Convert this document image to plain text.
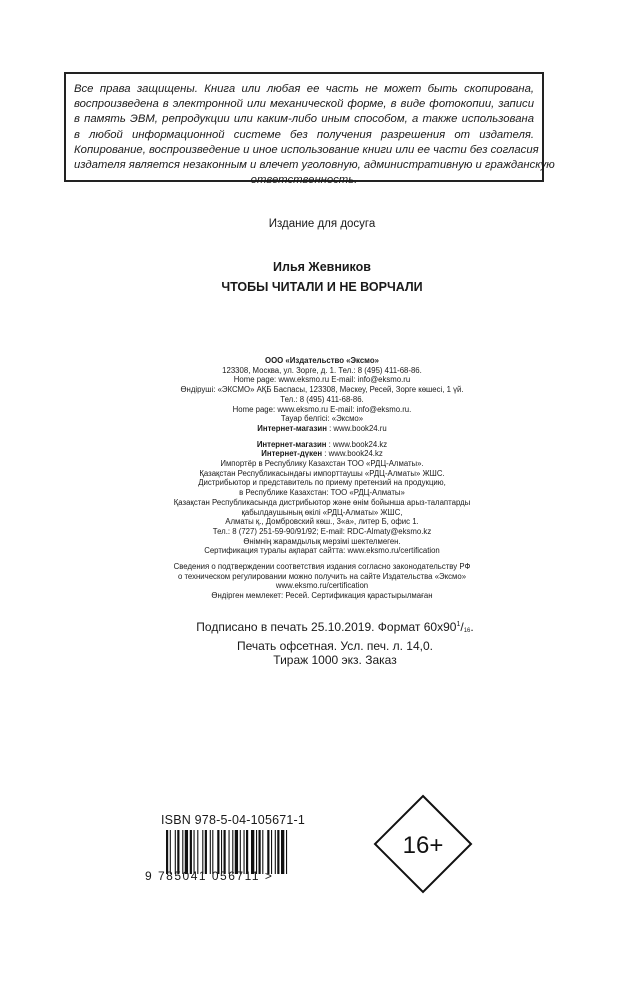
Все права защищены. Книга или любая ее часть не может быть скопирована,
воспроизведена в электронной или механической форме, в виде фотокопии, записи
в память ЭВМ, репродукции или каким-либо иным способом, а также использована
в любой информационной системе без получения разрешения от издателя.
Копирование, воспроизведение и иное использование книги или ее части без согласия
издателя является незаконным и влечет уголовную, административную и гражданскую
ответственность.
Издание для досуга
Илья Жевников
ЧТОБЫ ЧИТАЛИ И НЕ ВОРЧАЛИ
ООО «Издательство «Эксмо»
123308, Москва, ул. Зорге, д. 1. Тел.: 8 (495) 411-68-86.
Home page: www.eksmo.ru E-mail: info@eksmo.ru
Өндіруші: «ЭКСМО» АҚБ Баспасы, 123308, Мәскеу, Ресей, Зорге көшесі, 1 үй.
Тел.: 8 (495) 411-68-86.
Home page: www.eksmo.ru E-mail: info@eksmo.ru.
Тауар белгісі: «Эксмо»
Интернет-магазин : www.book24.ru
Интернет-магазин : www.book24.kz
Интернет-дүкен : www.book24.kz
Импортёр в Республику Казахстан ТОО «РДЦ-Алматы».
Қазақстан Республикасындағы импорттаушы «РДЦ-Алматы» ЖШС.
Дистрибьютор и представитель по приему претензий на продукцию,
в Республике Казахстан: ТОО «РДЦ-Алматы»
Қазақстан Республикасында дистрибьютор және өнім бойынша арыз-талаптарды
қабылдаушының өкілі «РДЦ-Алматы» ЖШС,
Алматы қ., Домбровский көш., 3«а», литер Б, офис 1.
Тел.: 8 (727) 251-59-90/91/92; E-mail: RDC-Almaty@eksmo.kz
Өнімнің жарамдылық мерзімі шектелмеген.
Сертификация туралы ақпарат сайтта: www.eksmo.ru/certification
Сведения о подтверждении соответствия издания согласно законодательству РФ
о техническом регулировании можно получить на сайте Издательства «Эксмо»
www.eksmo.ru/certification
Өндірген мемлекет: Ресей. Сертификация қарастырылмаған
Подписано в печать 25.10.2019. Формат $60x90^1/_{16}$.
Печать офсетная. Усл. печ. л. 14,0.
Тираж 1000 экз. Заказ
ISBN 978-5-04-105671-1
9 785041 056711 >
16+
